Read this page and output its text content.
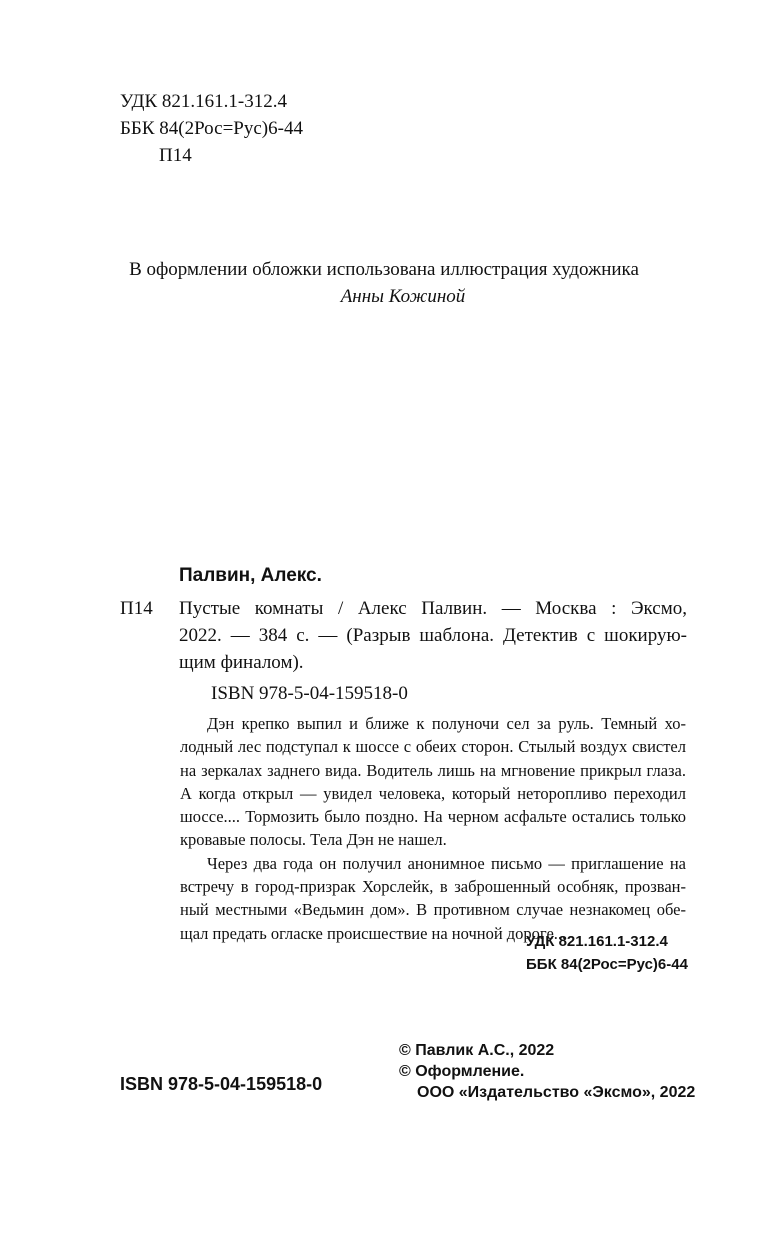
УДК 821.161.1-312.4
ББК 84(2Рос=Рус)6-44
П14
В оформлении обложки использована иллюстрация художника
Анны Кожиной
Палвин, Алекс.
П14 Пустые комнаты / Алекс Палвин. — Москва : Эксмо,
2022. — 384 с. — (Разрыв шаблона. Детектив с шокирую-
щим финалом).
ISBN 978-5-04-159518-0
Дэн крепко выпил и ближе к полуночи сел за руль. Темный хо-
лодный лес подступал к шоссе с обеих сторон. Стылый воздух свистел
на зеркалах заднего вида. Водитель лишь на мгновение прикрыл глаза.
А когда открыл — увидел человека, который неторопливо переходил
шоссе.... Тормозить было поздно. На черном асфальте остались только
кровавые полосы. Тела Дэн не нашел.
Через два года он получил анонимное письмо — приглашение на
встречу в город-призрак Хорслейк, в заброшенный особняк, прозван-
ный местными «Ведьмин дом». В противном случае незнакомец обе-
щал предать огласке происшествие на ночной дороге...
УДК 821.161.1-312.4
ББК 84(2Рос=Рус)6-44
© Павлик А.С., 2022
© Оформление.
ООО «Издательство «Эксмо», 2022
ISBN 978-5-04-159518-0
